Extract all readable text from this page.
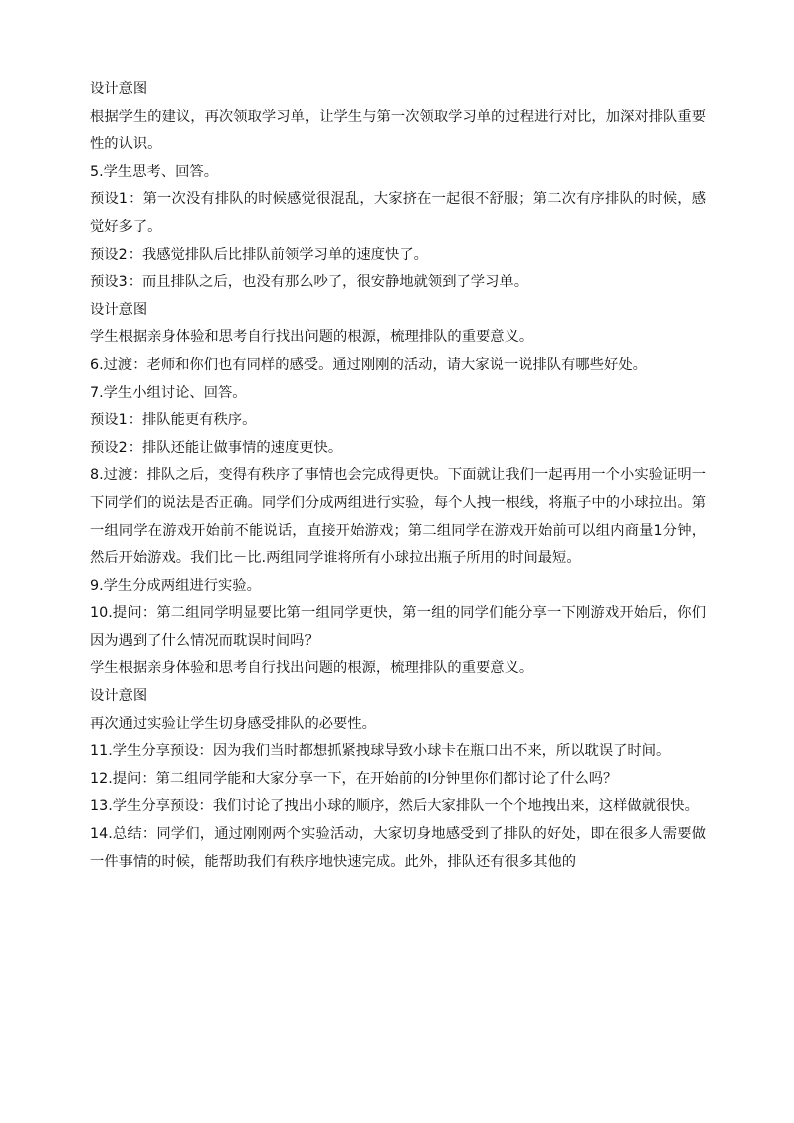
设计意图

根据学生的建议，再次领取学习单，让学生与第一次领取学习单的过程进行对比，加深对排队重要性的认识。

5.学生思考、回答。

预设1：第一次没有排队的时候感觉很混乱，大家挤在一起很不舒服；第二次有序排队的时候，感觉好多了。

预设2：我感觉排队后比排队前领学习单的速度快了。

预设3：而且排队之后，也没有那么吵了，很安静地就领到了学习单。

设计意图

学生根据亲身体验和思考自行找出问题的根源，梳理排队的重要意义。

6.过渡：老师和你们也有同样的感受。通过刚刚的活动，请大家说一说排队有哪些好处。

7.学生小组讨论、回答。

预设1：排队能更有秩序。

预设2：排队还能让做事情的速度更快。

8.过渡：排队之后，变得有秩序了事情也会完成得更快。下面就让我们一起再用一个小实验证明一下同学们的说法是否正确。同学们分成两组进行实验，每个人拽一根线，将瓶子中的小球拉出。第一组同学在游戏开始前不能说话，直接开始游戏；第二组同学在游戏开始前可以组内商量1分钟，然后开始游戏。我们比－比.两组同学谁将所有小球拉出瓶子所用的时间最短。

9.学生分成两组进行实验。

10.提问：第二组同学明显要比第一组同学更快，第一组的同学们能分享一下刚游戏开始后，你们因为遇到了什么情况而耽误时间吗？

学生根据亲身体验和思考自行找出问题的根源，梳理排队的重要意义。

设计意图

再次通过实验让学生切身感受排队的必要性。

11.学生分享预设：因为我们当时都想抓紧拽球导致小球卡在瓶口出不来，所以耽误了时间。

12.提问：第二组同学能和大家分享一下，在开始前的I分钟里你们都讨论了什么吗？

13.学生分享预设：我们讨论了拽出小球的顺序，然后大家排队一个个地拽出来，这样做就很快。

14.总结：同学们，通过刚刚两个实验活动，大家切身地感受到了排队的好处，即在很多人需要做一件事情的时候，能帮助我们有秩序地快速完成。此外，排队还有很多其他的
